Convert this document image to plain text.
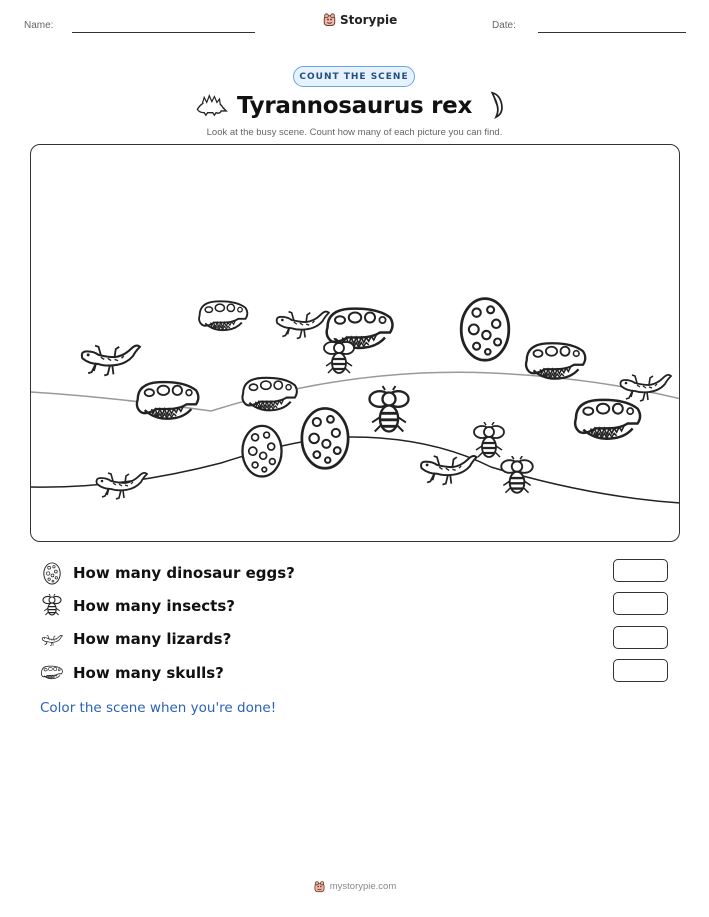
Name:	Storypie	Date:
COUNT THE SCENE
Tyrannosaurus rex
Look at the busy scene. Count how many of each picture you can find.
How many dinosaur eggs?
How many insects?
How many lizards?
How many skulls?
Color the scene when you're done!
mystorypie.com
